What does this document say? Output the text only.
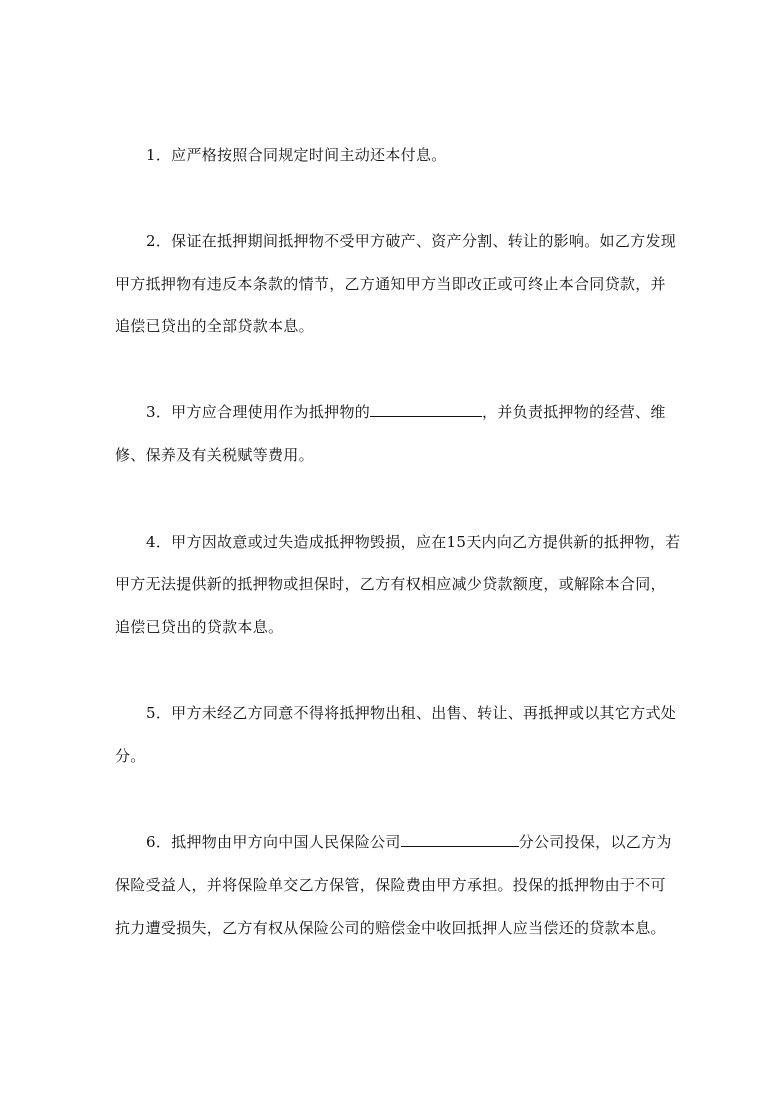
1．应严格按照合同规定时间主动还本付息。
2．保证在抵押期间抵押物不受甲方破产、资产分割、转让的影响。如乙方发现
甲方抵押物有违反本条款的情节，乙方通知甲方当即改正或可终止本合同贷款，并
追偿已贷出的全部贷款本息。
3．甲方应合理使用作为抵押物的	，并负责抵押物的经营、维
修、保养及有关税赋等费用。
4．甲方因故意或过失造成抵押物毁损，应在15天内向乙方提供新的抵押物，若
甲方无法提供新的抵押物或担保时，乙方有权相应减少贷款额度，或解除本合同，
追偿已贷出的贷款本息。
5．甲方未经乙方同意不得将抵押物出租、出售、转让、再抵押或以其它方式处
分。
6．抵押物由甲方向中国人民保险公司	分公司投保，以乙方为
保险受益人，并将保险单交乙方保管，保险费由甲方承担。投保的抵押物由于不可
抗力遭受损失，乙方有权从保险公司的赔偿金中收回抵押人应当偿还的贷款本息。
